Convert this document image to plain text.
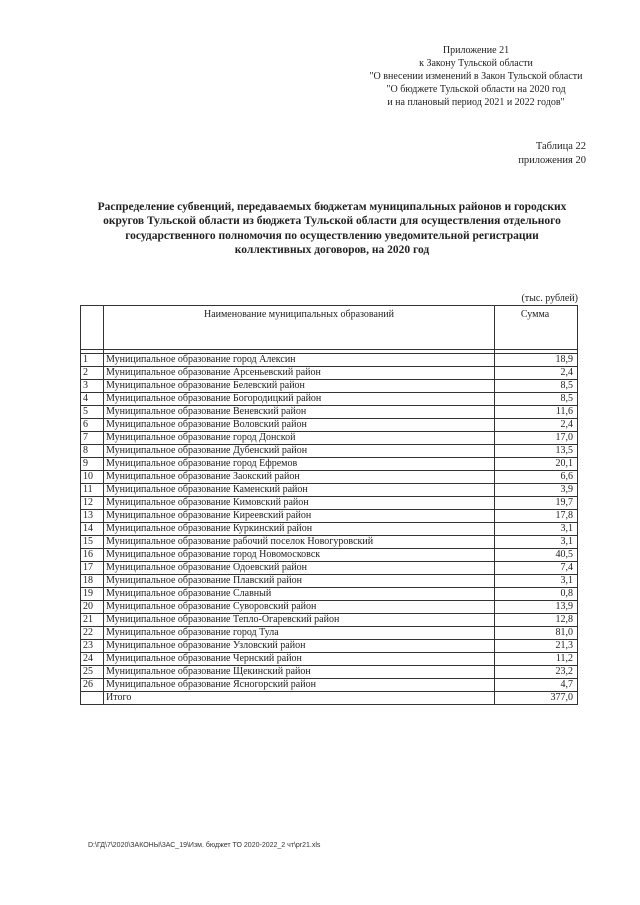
Приложение 21
к Закону Тульской области
"О внесении изменений в Закон Тульской области
"О бюджете Тульской области на 2020 год
и на плановый период 2021 и 2022 годов"
Таблица 22
приложения 20
Распределение субвенций, передаваемых бюджетам муниципальных районов и городских округов Тульской области из бюджета Тульской области для осуществления отдельного государственного полномочия по осуществлению уведомительной регистрации коллективных договоров, на 2020 год
(тыс. рублей)
	Наименование муниципальных образований	Сумма

1	Муниципальное образование город Алексин	18,9
2	Муниципальное образование Арсеньевский район	2,4
3	Муниципальное образование Белевский район	8,5
4	Муниципальное образование Богородицкий район	8,5
5	Муниципальное образование Веневский район	11,6
6	Муниципальное образование Воловский район	2,4
7	Муниципальное образование город Донской	17,0
8	Муниципальное образование Дубенский район	13,5
9	Муниципальное образование город Ефремов	20,1
10	Муниципальное образование Заокский район	6,6
11	Муниципальное образование Каменский район	3,9
12	Муниципальное образование Кимовский район	19,7
13	Муниципальное образование Киреевский район	17,8
14	Муниципальное образование Куркинский район	3,1
15	Муниципальное образование рабочий поселок Новогуровский	3,1
16	Муниципальное образование город Новомосковск	40,5
17	Муниципальное образование Одоевский район	7,4
18	Муниципальное образование Плавский район	3,1
19	Муниципальное образование Славный	0,8
20	Муниципальное образование Суворовский район	13,9
21	Муниципальное образование Тепло-Огаревский район	12,8
22	Муниципальное образование город Тула	81,0
23	Муниципальное образование Узловский район	21,3
24	Муниципальное образование Чернский район	11,2
25	Муниципальное образование Щекинский район	23,2
26	Муниципальное образование Ясногорский район	4,7
	Итого	377,0
D:\ГД\7\2020\ЗАКОНЫ\3АС_19\Изм. бюджет ТО 2020-2022_2 чт\pr21.xls
